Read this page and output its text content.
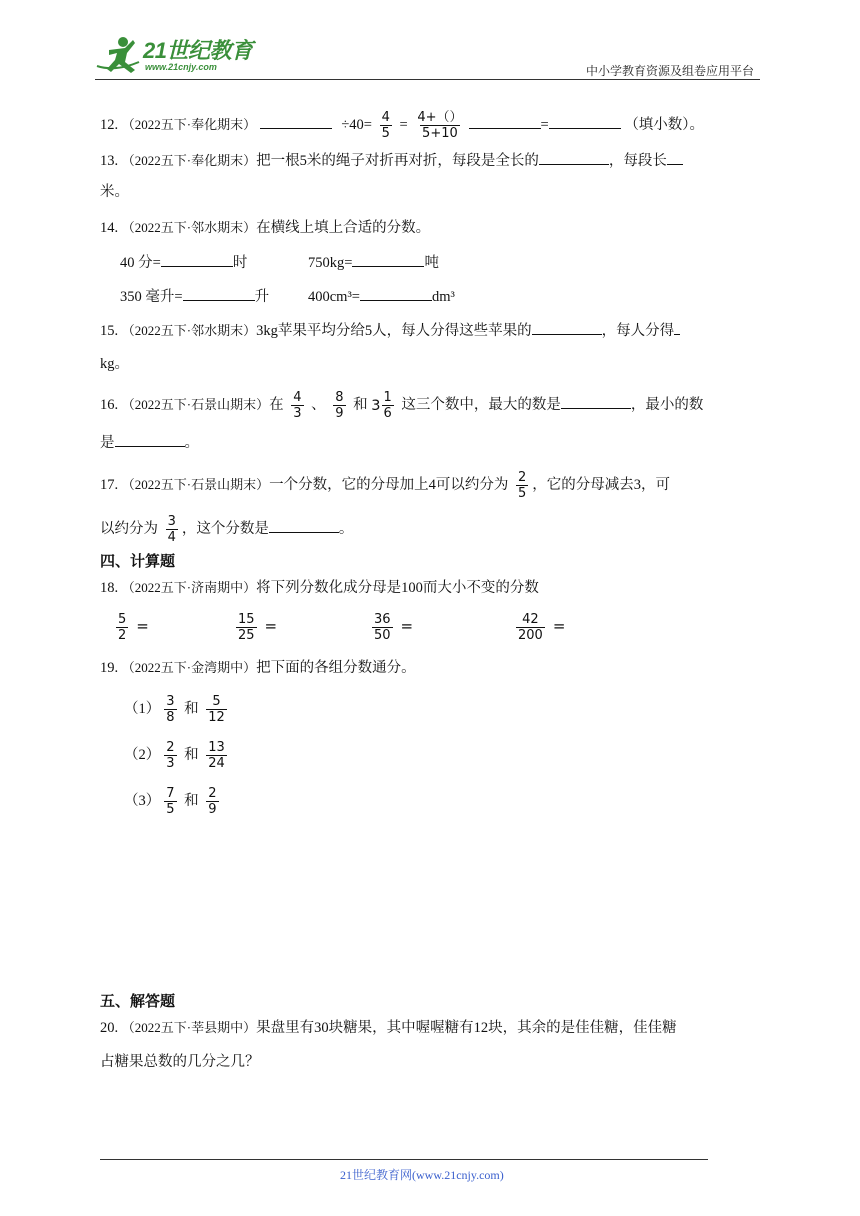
21世纪教育
www.21cnjy.com	中小学教育资源及组卷应用平台
12. （2022五下·奉化期末）	$\div 40= \frac{4}{5} = \frac{4+()}{5+10}$	=	（填小数）。
13. （2022五下·奉化期末）把一根5米的绳子对折再对折，每段是全长的	，每段长
米。
14. （2022五下·邻水期末）在横线上填上合适的分数。
40 分=	时	750kg=	吨
350 毫升=	升	400cm³=	dm³
15. （2022五下·邻水期末）3kg苹果平均分给5人，每人分得这些苹果的	，每人分得
kg。
16. （2022五下·石景山期末）在 $\frac{4}{3}$ 、 $\frac{8}{9}$ 和 $3 \frac{1}{6}$ 这三个数中，最大的数是	，最小的数
是	。
17. （2022五下·石景山期末）一个分数，它的分母加上4可以约分为 $\frac{2}{5}$ ，它的分母减去3，可
以约分为 $\frac{3}{4}$ ，这个分数是	。
四、计算题
18. （2022五下·济南期中）将下列分数化成分母是100而大小不变的分数
$\frac{5}{2}$ =	$\frac{15}{25}$ =	$\frac{36}{50}$ =	$\frac{42}{200}$ =
19. （2022五下·金湾期中）把下面的各组分数通分。
$(1) \frac{3}{8}$ 和 $\frac{5}{12}$
$(2) \frac{2}{3}$ 和 $\frac{13}{24}$
$(3) \frac{7}{5}$ 和 $\frac{2}{9}$
五、解答题
20. （2022五下·莘县期中）果盘里有30块糖果，其中喔喔糖有12块，其余的是佳佳糖，佳佳糖
占糖果总数的几分之几？
21世纪教育网(www.21cnjy.com)
